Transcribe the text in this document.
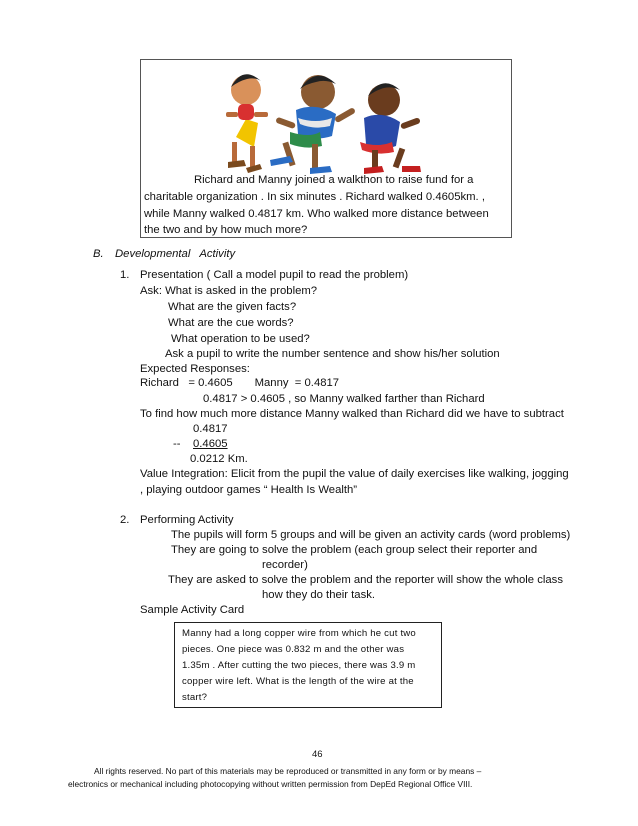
Richard and Manny joined a walkthon to raise fund for a
charitable organization . In six minutes . Richard walked 0.4605km. ,
while Manny walked 0.4817 km. Who walked more distance between
the two and by how much more?
B. Developmental   Activity
1. Presentation ( Call a model pupil to read the problem)
Ask: What is asked in the problem?
What are the given facts?
What are the cue words?
What operation to be used?
Ask a pupil to write the number sentence and show his/her solution
Expected Responses:
Richard   = 0.4605       Manny  = 0.4817
0.4817 > 0.4605 , so Manny walked farther than Richard
To find how much more distance Manny walked than Richard did we have to subtract
0.4817
-- 0.4605
0.0212 Km.
Value Integration: Elicit from the pupil the value of daily exercises like walking, jogging
, playing outdoor games “ Health Is Wealth”
2. Performing Activity
The pupils will form 5 groups and will be given an activity cards (word problems)
They are going to solve the problem (each group select their reporter and
recorder)
They are asked to solve the problem and the reporter will show the whole class
how they do their task.
Sample Activity Card
Manny had a long copper wire from which he cut two
pieces. One piece was 0.832 m and the other was
1.35m . After cutting the two pieces, there was 3.9 m
copper wire left. What is the length of the wire at the
start?
46
All rights reserved. No part of this materials may be reproduced or transmitted in any form or by means –
electronics or mechanical including photocopying without written permission from DepEd Regional Office VIII.
